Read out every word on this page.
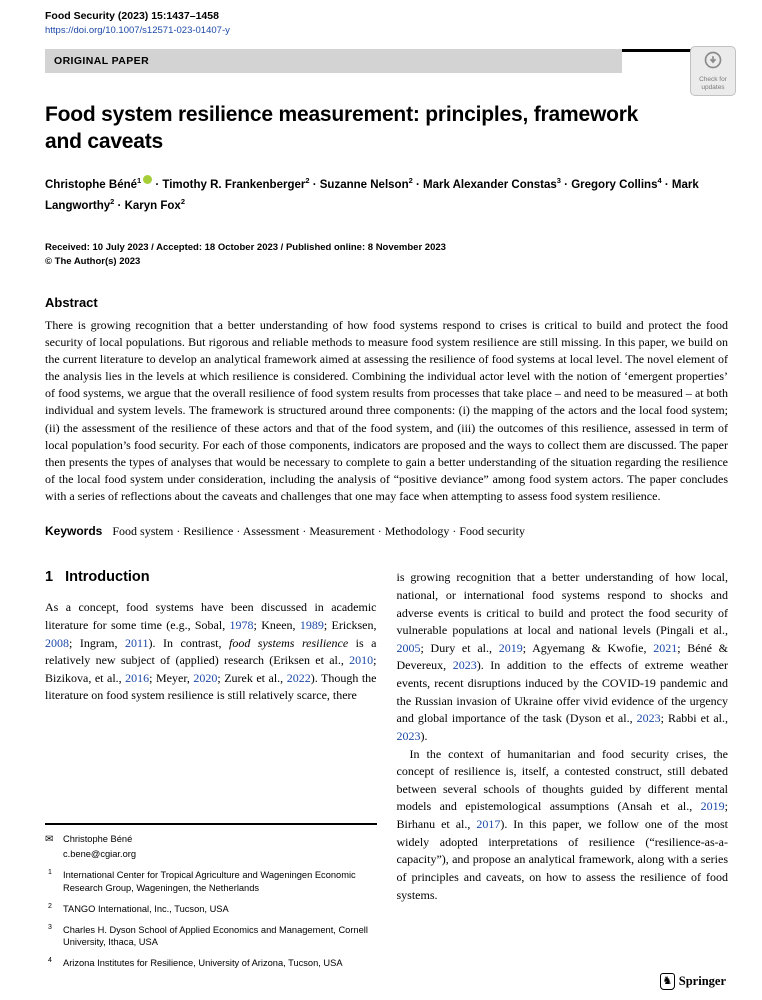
Food Security (2023) 15:1437–1458
https://doi.org/10.1007/s12571-023-01407-y
ORIGINAL PAPER
Check for
updates
Food system resilience measurement: principles, framework and caveats
Christophe Béné$^1$ · Timothy R. Frankenberger$^2$ · Suzanne Nelson$^2$ · Mark Alexander Constas$^3$ · Gregory Collins$^4$ · Mark Langworthy$^2$ · Karyn Fox$^2$
Received: 10 July 2023 / Accepted: 18 October 2023 / Published online: 8 November 2023
© The Author(s) 2023
Abstract
There is growing recognition that a better understanding of how food systems respond to crises is critical to build and protect the food security of local populations. But rigorous and reliable methods to measure food system resilience are still missing. In this paper, we build on the current literature to develop an analytical framework aimed at assessing the resilience of food systems at local level. The novel element of the analysis lies in the levels at which resilience is considered. Combining the individual actor level with the notion of ‘emergent properties’ of food systems, we argue that the overall resilience of food system results from processes that take place – and need to be measured – at both individual and system levels. The framework is structured around three components: (i) the mapping of the actors and the local food system; (ii) the assessment of the resilience of these actors and that of the food system, and (iii) the outcomes of this resilience, assessed in term of local population’s food security. For each of those components, indicators are proposed and the ways to collect them are discussed. The paper then presents the types of analyses that would be necessary to complete to gain a better understanding of the situation regarding the resilience of the local food system under consideration, including the analysis of “positive deviance” among food system actors. The paper concludes with a series of reflections about the caveats and challenges that one may face when attempting to assess food system resilience.
Keywords Food system · Resilience · Assessment · Measurement · Methodology · Food security
1 Introduction

As a concept, food systems have been discussed in academic literature for some time (e.g., Sobal, 1978; Kneen, 1989; Ericksen, 2008; Ingram, 2011). In contrast, food systems resilience is a relatively new subject of (applied) research (Eriksen et al., 2010; Bizikova, et al., 2016; Meyer, 2020; Zurek et al., 2022). Though the literature on food system resilience is still relatively scarce, there

✉	Christophe Béné
c.bene@cgiar.org
1	International Center for Tropical Agriculture and Wageningen Economic Research Group, Wageningen, the Netherlands
2	TANGO International, Inc., Tucson, USA
3	Charles H. Dyson School of Applied Economics and Management, Cornell University, Ithaca, USA
4	Arizona Institutes for Resilience, University of Arizona, Tucson, USA

is growing recognition that a better understanding of how local, national, or international food systems respond to shocks and adverse events is critical to build and protect the food security of vulnerable populations at local and national levels (Pingali et al., 2005; Dury et al., 2019; Agyemang & Kwofie, 2021; Béné & Devereux, 2023). In addition to the effects of extreme weather events, recent disruptions induced by the COVID-19 pandemic and the Russian invasion of Ukraine offer vivid evidence of the urgency and global importance of the task (Dyson et al., 2023; Rabbi et al., 2023).

In the context of humanitarian and food security crises, the concept of resilience is, itself, a contested construct, still debated between several schools of thoughts guided by different mental models and epistemological assumptions (Ansah et al., 2019; Birhanu et al., 2017). In this paper, we follow one of the most widely adopted interpretations of resilience (“resilience-as-a-capacity”), and propose an analytical framework, along with a series of principles and caveats, on how to assess the resilience of food systems.

♞ Springer
